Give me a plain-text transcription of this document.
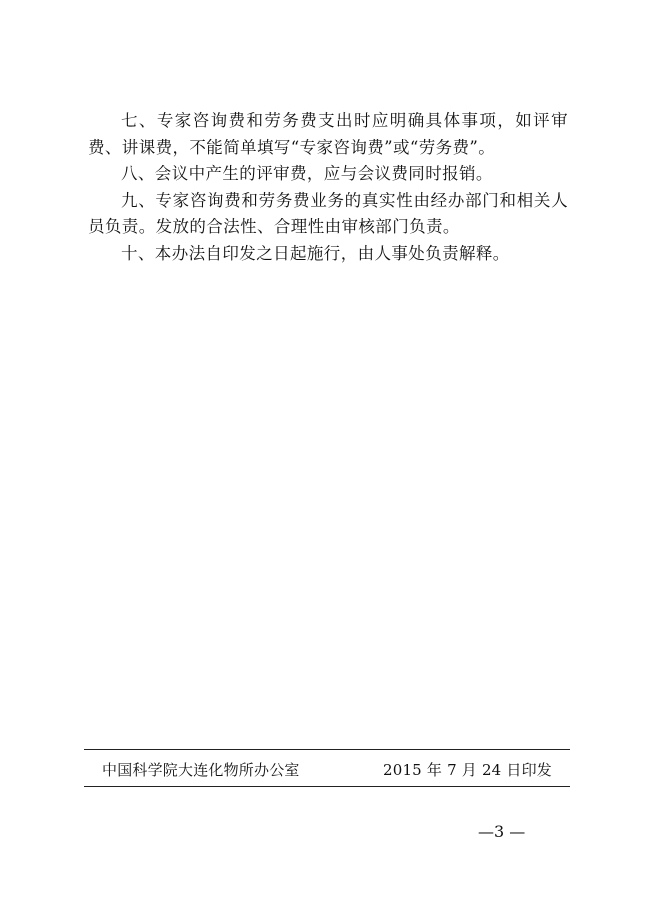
七、专家咨询费和劳务费支出时应明确具体事项，如评审费、讲课费，不能简单填写“专家咨询费”或“劳务费”。

八、会议中产生的评审费，应与会议费同时报销。

九、专家咨询费和劳务费业务的真实性由经办部门和相关人员负责。发放的合法性、合理性由审核部门负责。

十、本办法自印发之日起施行，由人事处负责解释。

中国科学院大连化物所办公室	2015 年 7 月 24 日印发
—3 —
